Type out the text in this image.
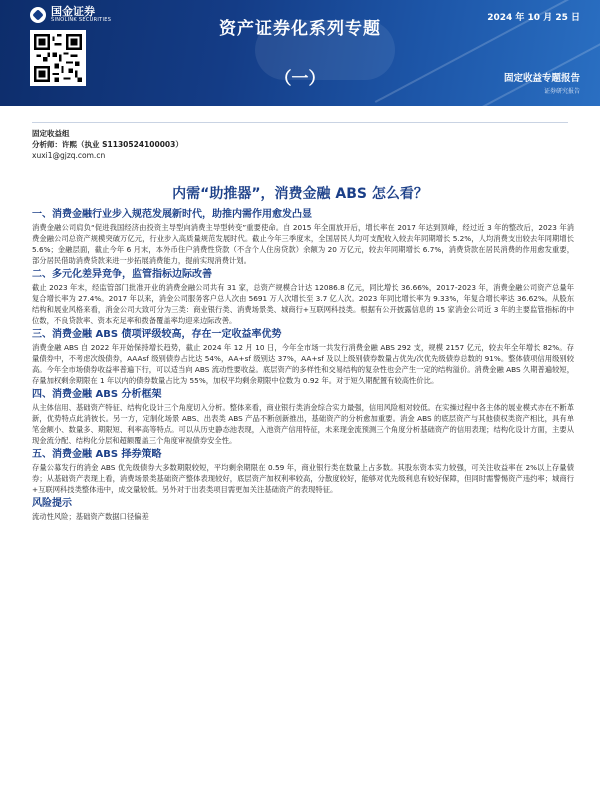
国金证券
SINOLINK SECURITIES	资产证券化系列专题
（一）
2024 年 10 月 25 日
固定收益专题报告
证券研究报告
固定收益组
分析师：许熙（执业 S1130524100003）
xuxi1@gjzq.com.cn
内需“助推器”，消费金融 ABS 怎么看？

一、消费金融行业步入规范发展新时代，助推内需作用愈发凸显

消费金融公司肩负“促进我国经济由投资主导型向消费主导型转变”重要使命。自 2015 年全面放开后，增长率在 2017 年达到顶峰，经过近 3 年的整改后，2023 年消费金融公司总资产规模突破万亿元，行业步入高质量规范发展时代。截止今年三季度末，全国居民人均可支配收入较去年同期增长 5.2%，人均消费支出较去年同期增长 5.6%；金融层面，截止今年 6 月末，本外币住户消费性贷款（不含个人住房贷款）余额为 20 万亿元，较去年同期增长 6.7%，消费贷款在居民消费的作用愈发重要，部分居民借助消费贷款来进一步拓展消费能力，提前实现消费计划。

二、多元化差异竞争，监管指标边际改善

截止 2023 年末，经监管部门批准开业的消费金融公司共有 31 家，总资产规模合计达 12086.8 亿元，同比增长 36.66%，2017-2023 年，消费金融公司资产总量年复合增长率为 27.4%。2017 年以来，消金公司服务客户总人次由 5691 万人次增长至 3.7 亿人次。2023 年同比增长率为 9.33%，年复合增长率达 36.62%。从股东结构和展业风格来看，消金公司大致可分为三类：商业银行类、消费场景类、城商行+互联网科技类。根据有公开披露信息的 15 家消金公司近 3 年的主要监管指标的中位数，不良贷款率、资本充足率和拨备覆盖率均迎来边际改善。

三、消费金融 ABS 债项评级较高，存在一定收益率优势

消费金融 ABS 自 2022 年开始保持增长趋势，截止 2024 年 12 月 10 日，今年全市场一共发行消费金融 ABS 292 支，规模 2157 亿元，较去年全年增长 82%。存量债券中，不考虑次级债券，AAAsf 级别债券占比达 54%，AA+sf 级别达 37%，AA+sf 及以上级别债券数量占优先/次优先级债券总数的 91%。整体债项信用级别较高。今年全市场债券收益率普遍下行，可以适当向 ABS 流动性要收益。底层资产的多样性和交易结构的复杂性也会产生一定的结构溢价。消费金融 ABS 久期普遍较短，存量加权剩余期限在 1 年以内的债券数量占比为 55%，加权平均剩余期限中位数为 0.92 年。对于短久期配置有较高性价比。

四、消费金融 ABS 分析框架

从主体信用、基础资产特征、结构化设计三个角度切入分析。整体来看，商业银行类消金综合实力最强，信用风险相对较低。在实操过程中各主体的展业模式亦在不断革新，优势特点此消彼长。另一方，定制化场景 ABS、出表类 ABS 产品不断创新推出，基础资产的分析愈加重要。消金 ABS 的底层资产与其他债权类资产相比，具有单笔金额小、数量多、期限短、利率高等特点。可以从历史静态池表现，入池资产信用特征，未来现金流预测三个角度分析基础资产的信用表现；结构化设计方面，主要从现金流分配、结构化分层和超额覆盖三个角度审视债券安全性。

五、消费金融 ABS 择券策略

存量公募发行的消金 ABS 优先级债券大多数期限较短，平均剩余期限在 0.59 年，商业银行类在数量上占多数。其股东资本实力较强，可关注收益率在 2%以上存量债券；从基础资产表现上看，消费场景类基础资产整体表现较好，底层资产加权利率较高，分散度较好，能够对优先级利息有较好保障，但同时需警惕资产违约率；城商行+互联网科技类整体违中，成交量较低。另外对于出表类项目需更加关注基础资产的表现特征。

风险提示

流动性风险；基础资产数据口径偏差
